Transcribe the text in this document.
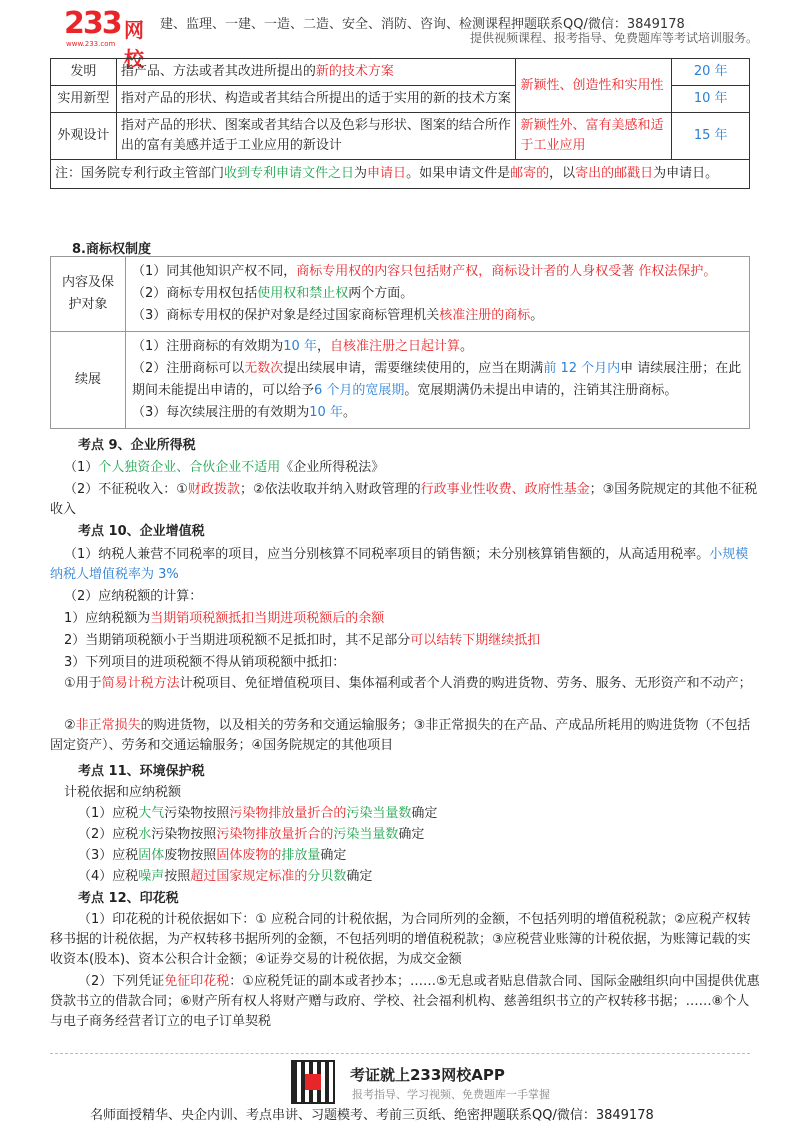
233 网校
www.233.com
建、监理、一建、一造、二造、安全、消防、咨询、检测课程押题联系QQ/微信：3849178
提供视频课程、报考指导、免费题库等考试培训服务。
发明	指产品、方法或者其改进所提出的新的技术方案	新颖性、创造性和实用性	20 年
实用新型	指对产品的形状、构造或者其结合所提出的适于实用的新的技术方案		10 年
外观设计	指对产品的形状、图案或者其结合以及色彩与形状、图案的结合所作出的富有美感并适于工业应用的新设计	新颖性外、富有美感和适于工业应用	15 年
注：国务院专利行政主管部门收到专利申请文件之日为申请日。如果申请文件是邮寄的，以寄出的邮戳日为申请日。			
8.商标权制度
内容及保护对象	（1）同其他知识产权不同，商标专用权的内容只包括财产权，商标设计者的人身权受著 作权法保护。
（2）商标专用权包括使用权和禁止权两个方面。
（3）商标专用权的保护对象是经过国家商标管理机关核准注册的商标。

续展	（1）注册商标的有效期为10 年，自核准注册之日起计算。
（2）注册商标可以无数次提出续展申请，需要继续使用的，应当在期满前 12 个月内申 请续展注册；在此期间未能提出申请的，可以给予6 个月的宽展期。宽展期满仍未提出申请的，注销其注册商标。
（3）每次续展注册的有效期为10 年。
考点 9、企业所得税
（1）个人独资企业、合伙企业不适用《企业所得税法》
（2）不征税收入：①财政拨款；②依法收取并纳入财政管理的行政事业性收费、政府性基金；③国务院规定的其他不征税收入
考点 10、企业增值税
（1）纳税人兼营不同税率的项目，应当分别核算不同税率项目的销售额；未分别核算销售额的，从高适用税率。小规模纳税人增值税率为 3%
（2）应纳税额的计算：
1）应纳税额为当期销项税额抵扣当期进项税额后的余额
2）当期销项税额小于当期进项税额不足抵扣时，其不足部分可以结转下期继续抵扣
3）下列项目的进项税额不得从销项税额中抵扣：
①用于简易计税方法计税项目、免征增值税项目、集体福利或者个人消费的购进货物、劳务、服务、无形资产和不动产；
②非正常损失的购进货物，以及相关的劳务和交通运输服务；③非正常损失的在产品、产成品所耗用的购进货物（不包括固定资产）、劳务和交通运输服务；④国务院规定的其他项目
考点 11、环境保护税
计税依据和应纳税额
（1）应税大气污染物按照污染物排放量折合的污染当量数确定
（2）应税水污染物按照污染物排放量折合的污染当量数确定
（3）应税固体废物按照固体废物的排放量确定
（4）应税噪声按照超过国家规定标准的分贝数确定
考点 12、印花税
（1）印花税的计税依据如下：① 应税合同的计税依据，为合同所列的金额，不包括列明的增值税税款；②应税产权转移书据的计税依据，为产权转移书据所列的金额，不包括列明的增值税税款；③应税营业账簿的计税依据，为账簿记载的实收资本(股本)、资本公积合计金额；④证券交易的计税依据，为成交金额
（2）下列凭证免征印花税：①应税凭证的副本或者抄本；……⑤无息或者贴息借款合同、国际金融组织向中国提供优惠贷款书立的借款合同；⑥财产所有权人将财产赠与政府、学校、社会福利机构、慈善组织书立的产权转移书据；……⑧个人与电子商务经营者订立的电子订单契税
考证就上233网校APP
报考指导、学习视频、免费题库一手掌握
名师面授精华、央企内训、考点串讲、习题模考、考前三页纸、绝密押题联系QQ/微信：3849178
